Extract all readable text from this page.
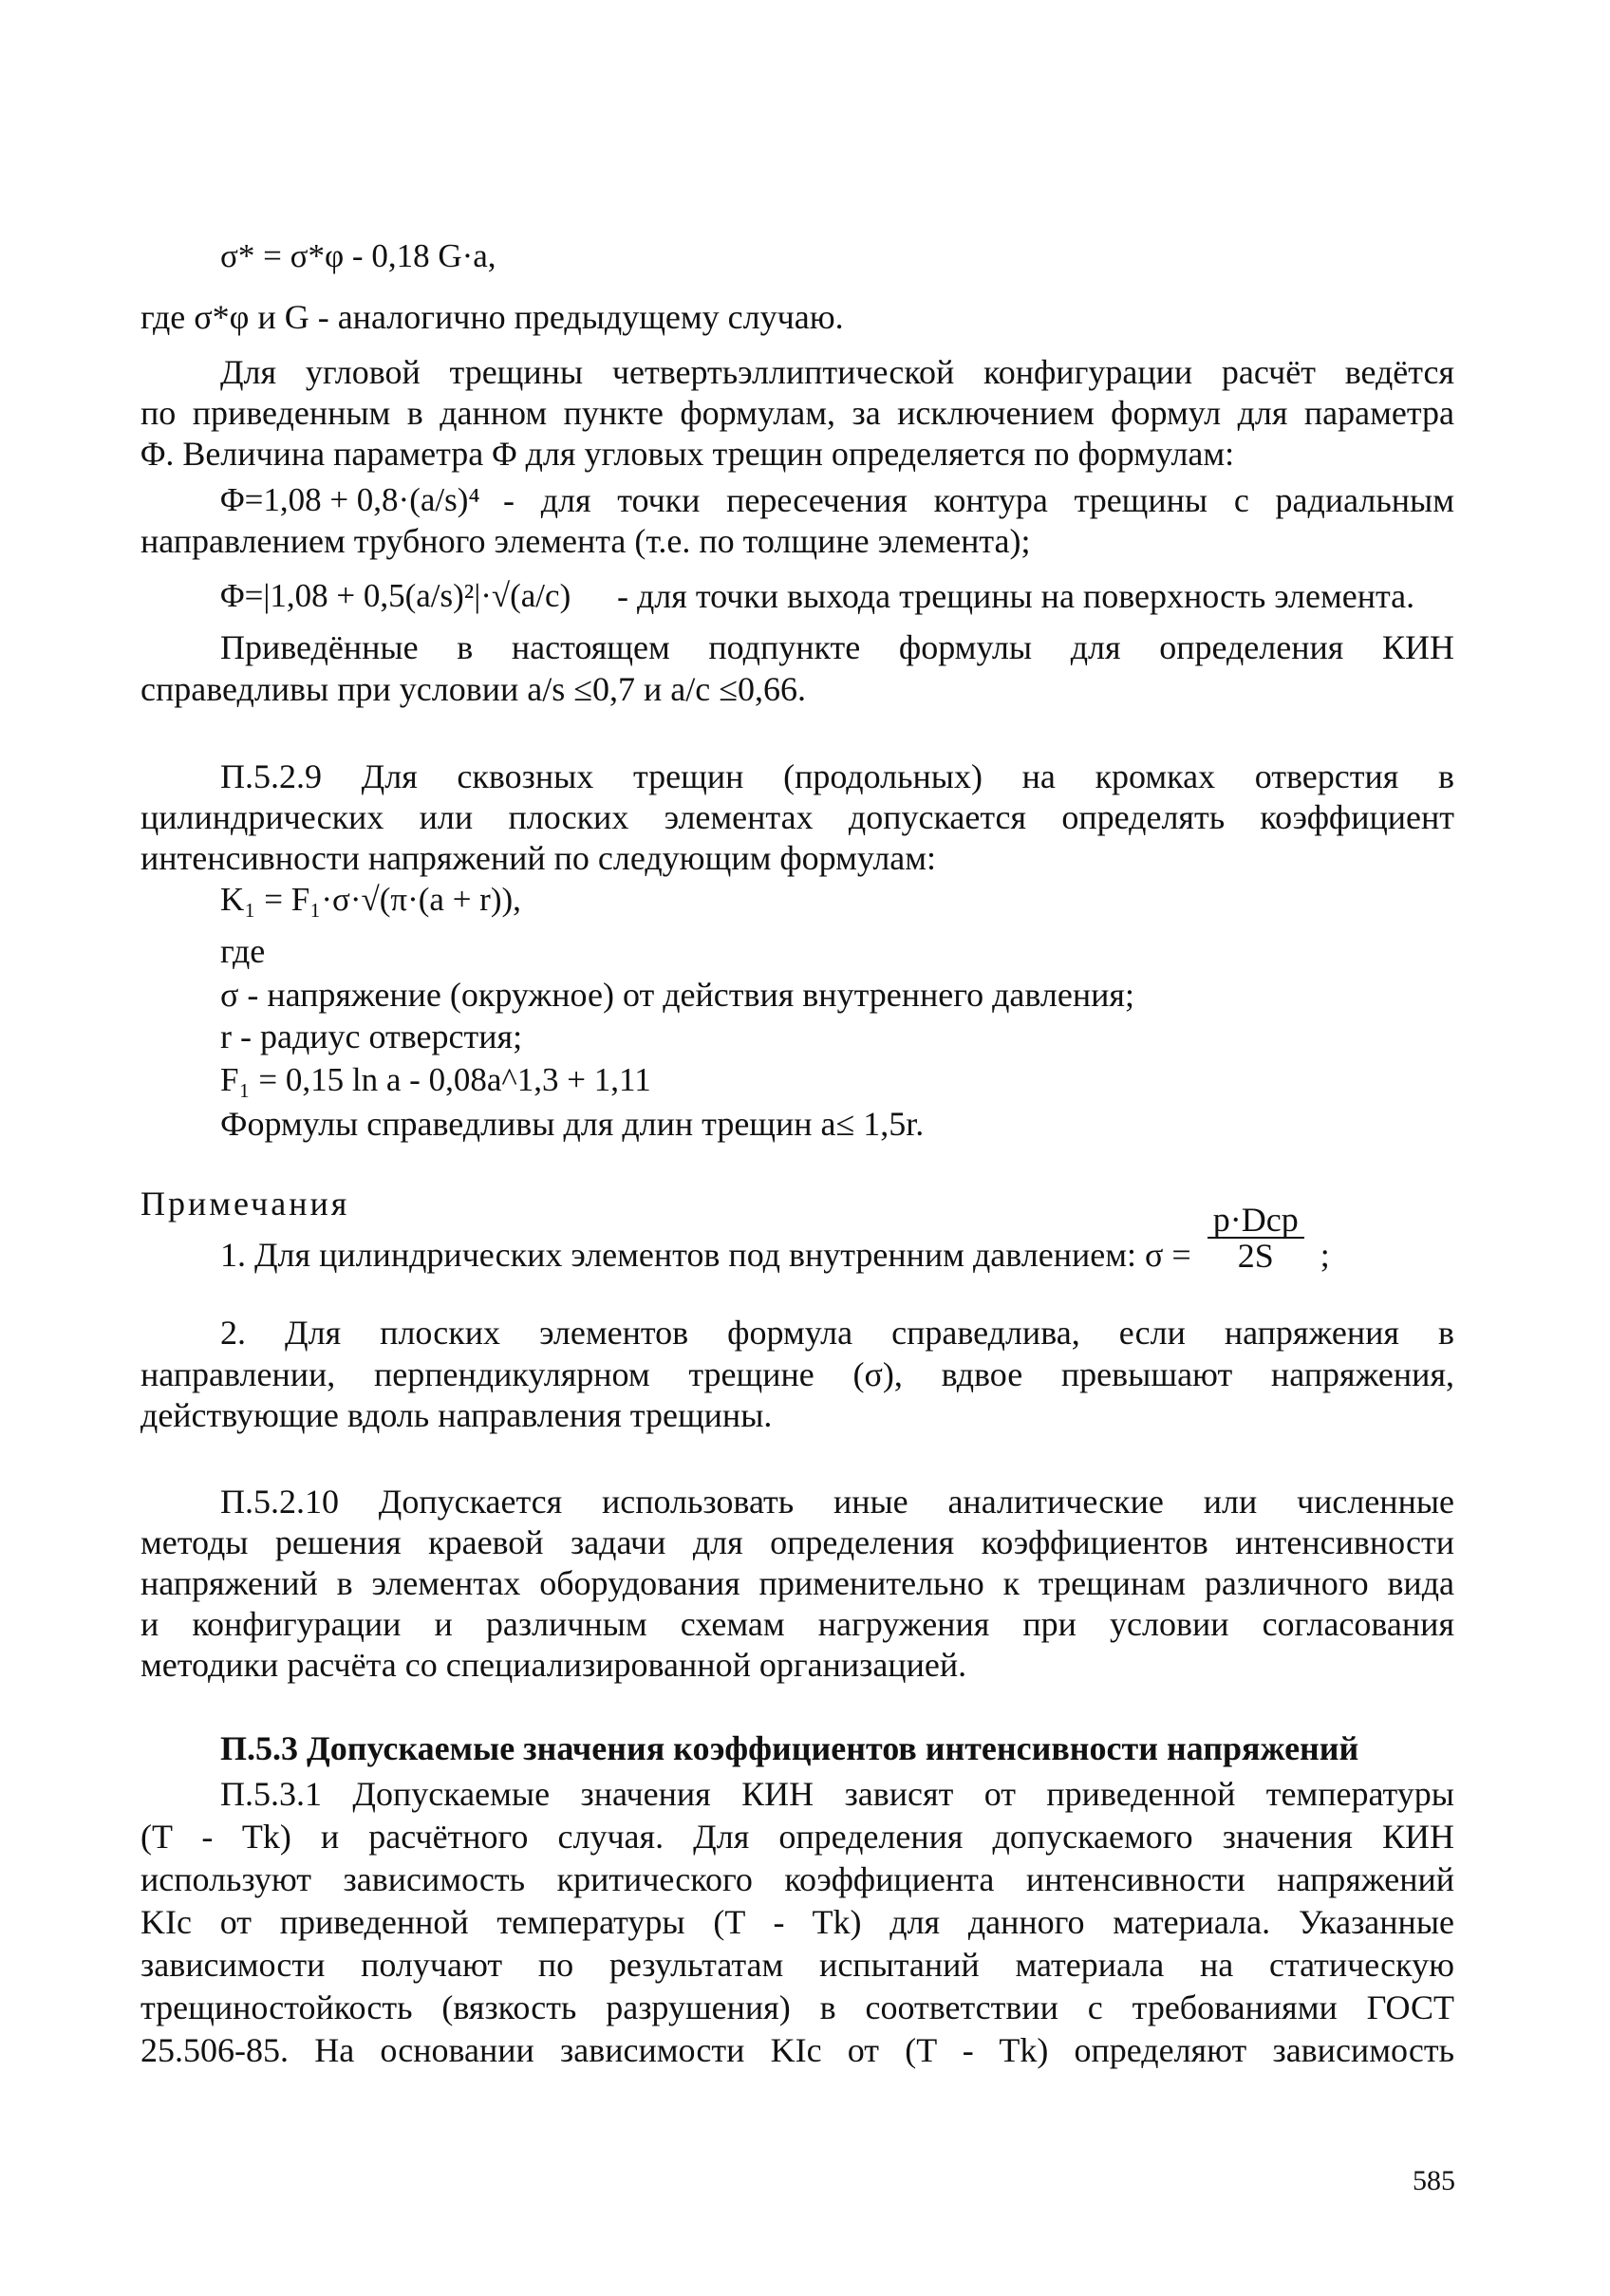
σ* = σ*φ - 0,18 G·a,
где σ*φ и G - аналогично предыдущему случаю.
Для угловой трещины четвертьэллиптической конфигурации расчёт ведётся
по приведенным в данном пункте формулам, за исключением формул для параметра
Φ. Величина параметра Φ для угловых трещин определяется по формулам:
Φ=1,08 + 0,8·(a/s)⁴ - для точки пересечения контура трещины с радиальным
направлением трубного элемента (т.е. по толщине элемента);
Φ=|1,08 + 0,5(a/s)²|·√(a/c) - для точки выхода трещины на поверхность элемента.
Приведённые в настоящем подпункте формулы для определения КИН
справедливы при условии a/s ≤0,7 и a/c ≤0,66.
П.5.2.9 Для сквозных трещин (продольных) на кромках отверстия в
цилиндрических или плоских элементах допускается определять коэффициент
интенсивности напряжений по следующим формулам:
K₁ = F₁·σ·√(π·(a + r)),
где
σ - напряжение (окружное) от действия внутреннего давления;
r - радиус отверстия;
F₁ = 0,15 ln a - 0,08a^1,3 + 1,11
Формулы справедливы для длин трещин a≤ 1,5r.
Примечания
1. Для цилиндрических элементов под внутренним давлением: $\sigma = \frac{\text{p·Dср}}{2S}$ ;
2. Для плоских элементов формула справедлива, если напряжения в
направлении, перпендикулярном трещине (σ), вдвое превышают напряжения,
действующие вдоль направления трещины.
П.5.2.10 Допускается использовать иные аналитические или численные
методы решения краевой задачи для определения коэффициентов интенсивности
напряжений в элементах оборудования применительно к трещинам различного вида
и конфигурации и различным схемам нагружения при условии согласования
методики расчёта со специализированной организацией.
П.5.3 Допускаемые значения коэффициентов интенсивности напряжений
П.5.3.1 Допускаемые значения КИН зависят от приведенной температуры
(T - Tk) и расчётного случая. Для определения допускаемого значения КИН
используют зависимость критического коэффициента интенсивности напряжений
KIc от приведенной температуры (T - Tk) для данного материала. Указанные
зависимости получают по результатам испытаний материала на статическую
трещиностойкость (вязкость разрушения) в соответствии с требованиями ГОСТ
25.506-85. На основании зависимости KIc от (T - Tk) определяют зависимость
585
